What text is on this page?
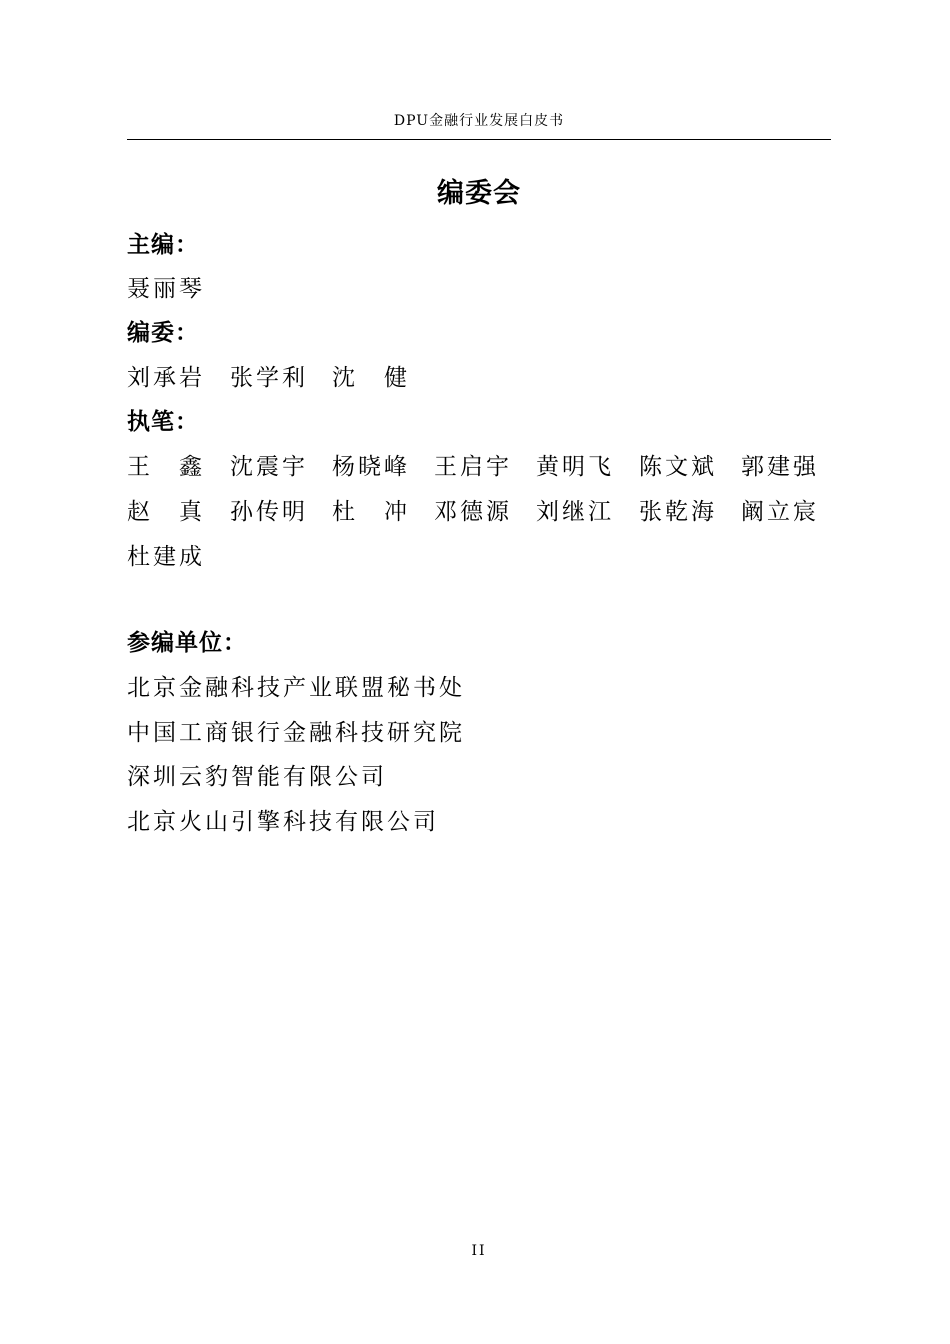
DPU金融行业发展白皮书
编委会
主编：
聂丽琴
编委：
刘 承 岩 张 学 利 沈　 健
执笔：
王　 鑫 沈 震 宇 杨 晓 峰 王 启 宇 黄 明 飞 陈 文 斌 郭 建 强
赵　 真 孙 传 明 杜　 冲 邓 德 源 刘 继 江 张 乾 海 阚 立 宸
杜 建 成
参编单位：
北京金融科技产业联盟秘书处
中国工商银行金融科技研究院
深圳云豹智能有限公司
北京火山引擎科技有限公司
II
